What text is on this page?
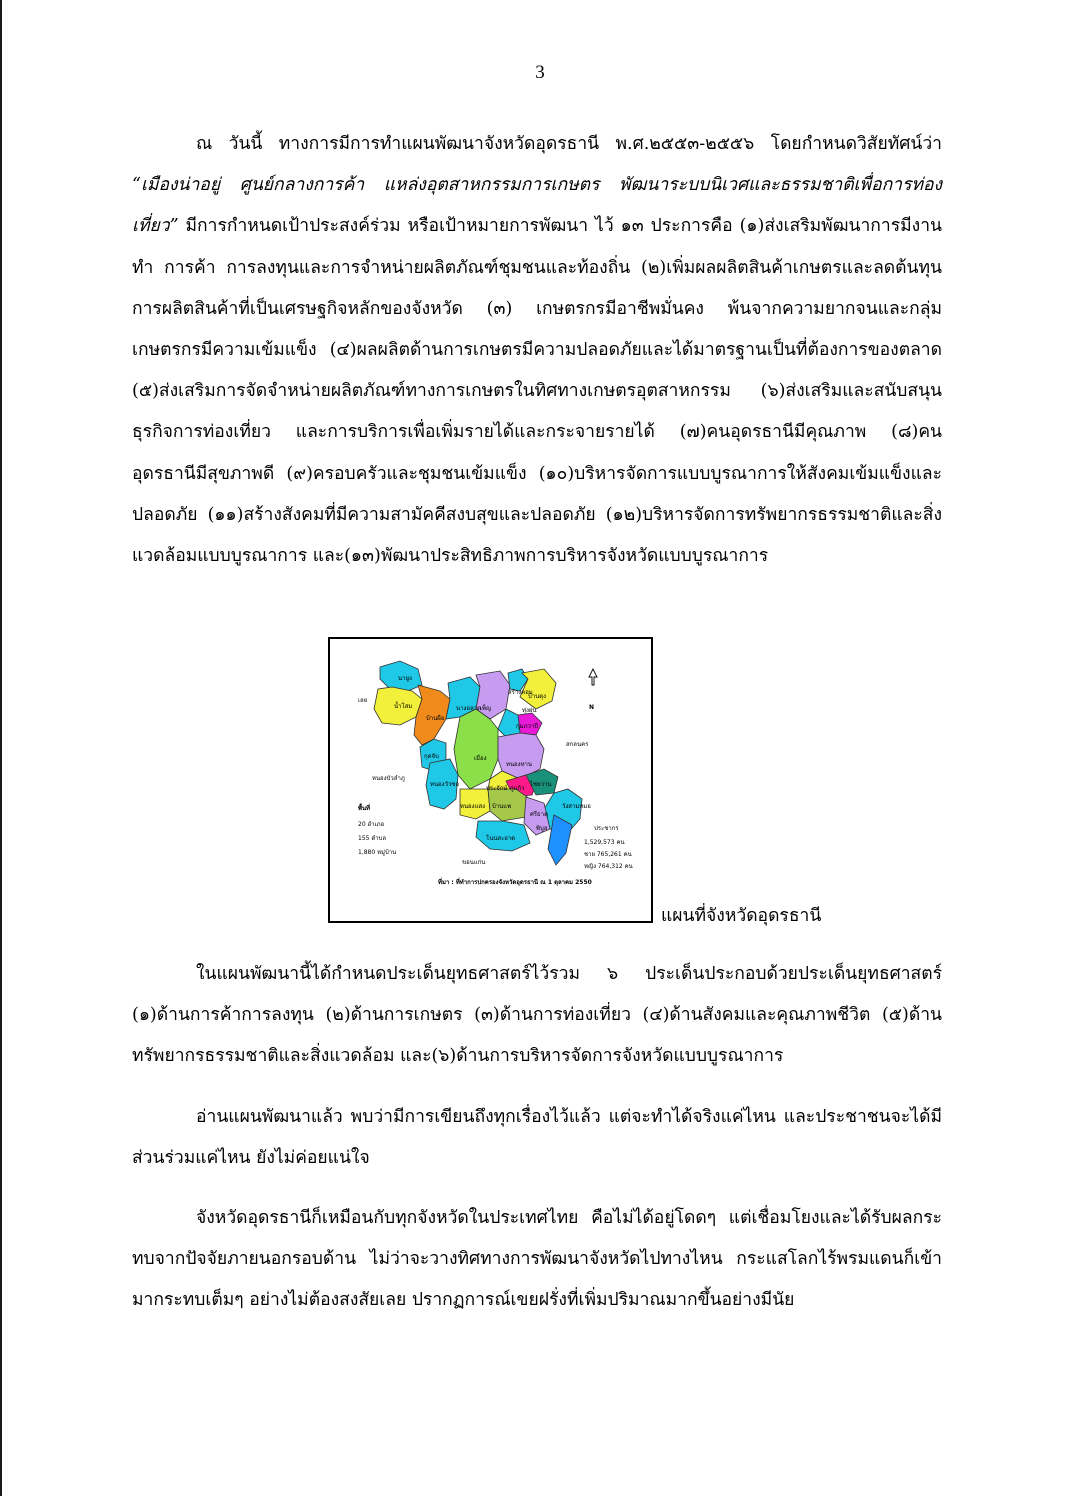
3

ณ วันนี้ ทางการมีการทำแผนพัฒนาจังหวัดอุดรธานี พ.ศ.๒๕๕๓-๒๕๕๖ โดยกำหนดวิสัยทัศน์ว่า “เมืองน่าอยู่ ศูนย์กลางการค้า แหล่งอุตสาหกรรมการเกษตร พัฒนาระบบนิเวศและธรรมชาติเพื่อการท่องเที่ยว” มีการกำหนดเป้าประสงค์ร่วม หรือเป้าหมายการพัฒนา ไว้ ๑๓ ประการคือ (๑)ส่งเสริมพัฒนาการมีงานทำ การค้า การลงทุนและการจำหน่ายผลิตภัณฑ์ชุมชนและท้องถิ่น (๒)เพิ่มผลผลิตสินค้าเกษตรและลดต้นทุนการผลิตสินค้าที่เป็นเศรษฐกิจหลักของจังหวัด (๓) เกษตรกรมีอาชีพมั่นคง พ้นจากความยากจนและกลุ่มเกษตรกรมีความเข้มแข็ง (๔)ผลผลิตด้านการเกษตรมีความปลอดภัยและได้มาตรฐานเป็นที่ต้องการของตลาด (๕)ส่งเสริมการจัดจำหน่ายผลิตภัณฑ์ทางการเกษตรในทิศทางเกษตรอุตสาหกรรม (๖)ส่งเสริมและสนับสนุนธุรกิจการท่องเที่ยว และการบริการเพื่อเพิ่มรายได้และกระจายรายได้ (๗)คนอุดรธานีมีคุณภาพ (๘)คนอุดรธานีมีสุขภาพดี (๙)ครอบครัวและชุมชนเข้มแข็ง (๑๐)บริหารจัดการแบบบูรณาการให้สังคมเข้มแข็งและปลอดภัย (๑๑)สร้างสังคมที่มีความสามัคคีสงบสุขและปลอดภัย (๑๒)บริหารจัดการทรัพยากรธรรมชาติและสิ่งแวดล้อมแบบบูรณาการ และ(๑๓)พัฒนาประสิทธิภาพการบริหารจังหวัดแบบบูรณาการ

N
นายูง
น้ำโสม
บ้านผือ
นางอลาด เพ็ญ
สร้างคอม
บ้านดุง
กุมภวาปี
กุดจับ	เมือง
หนองหาน
หนองวัวซอ
ประจักษ์ กู่แก้ว
ไชยวาน
ศรีธาตุ
วังสามหมอ
หนองแสง บ้านแพ
โนนสะอาด
พิบูล
ทุ่งฝน
เลย
หนองบัวลำภู
ขอนแก่น
สกลนคร
พื้นที่
20 อำเภอ
155 ตำบล
1,880 หมู่บ้าน
ประชากร
1,529,573 คน
ชาย 765,261 คน
หญิง 764,312 คน
ที่มา : ที่ทำการปกครองจังหวัดอุดรธานี ณ 1 ตุลาคม 2550
แผนที่จังหวัดอุดรธานี

ในแผนพัฒนานี้ได้กำหนดประเด็นยุทธศาสตร์ไว้รวม ๖ ประเด็นประกอบด้วยประเด็นยุทธศาสตร์ (๑)ด้านการค้าการลงทุน (๒)ด้านการเกษตร (๓)ด้านการท่องเที่ยว (๔)ด้านสังคมและคุณภาพชีวิต (๕)ด้านทรัพยากรธรรมชาติและสิ่งแวดล้อม และ(๖)ด้านการบริหารจัดการจังหวัดแบบบูรณาการ

อ่านแผนพัฒนาแล้ว พบว่ามีการเขียนถึงทุกเรื่องไว้แล้ว แต่จะทำได้จริงแค่ไหน และประชาชนจะได้มีส่วนร่วมแค่ไหน ยังไม่ค่อยแน่ใจ

จังหวัดอุดรธานีก็เหมือนกับทุกจังหวัดในประเทศไทย คือไม่ได้อยู่โดดๆ แต่เชื่อมโยงและได้รับผลกระทบจากปัจจัยภายนอกรอบด้าน ไม่ว่าจะวางทิศทางการพัฒนาจังหวัดไปทางไหน กระแสโลกไร้พรมแดนก็เข้ามากระทบเต็มๆ อย่างไม่ต้องสงสัยเลย ปรากฏการณ์เขยฝรั่งที่เพิ่มปริมาณมากขึ้นอย่างมีนัย
